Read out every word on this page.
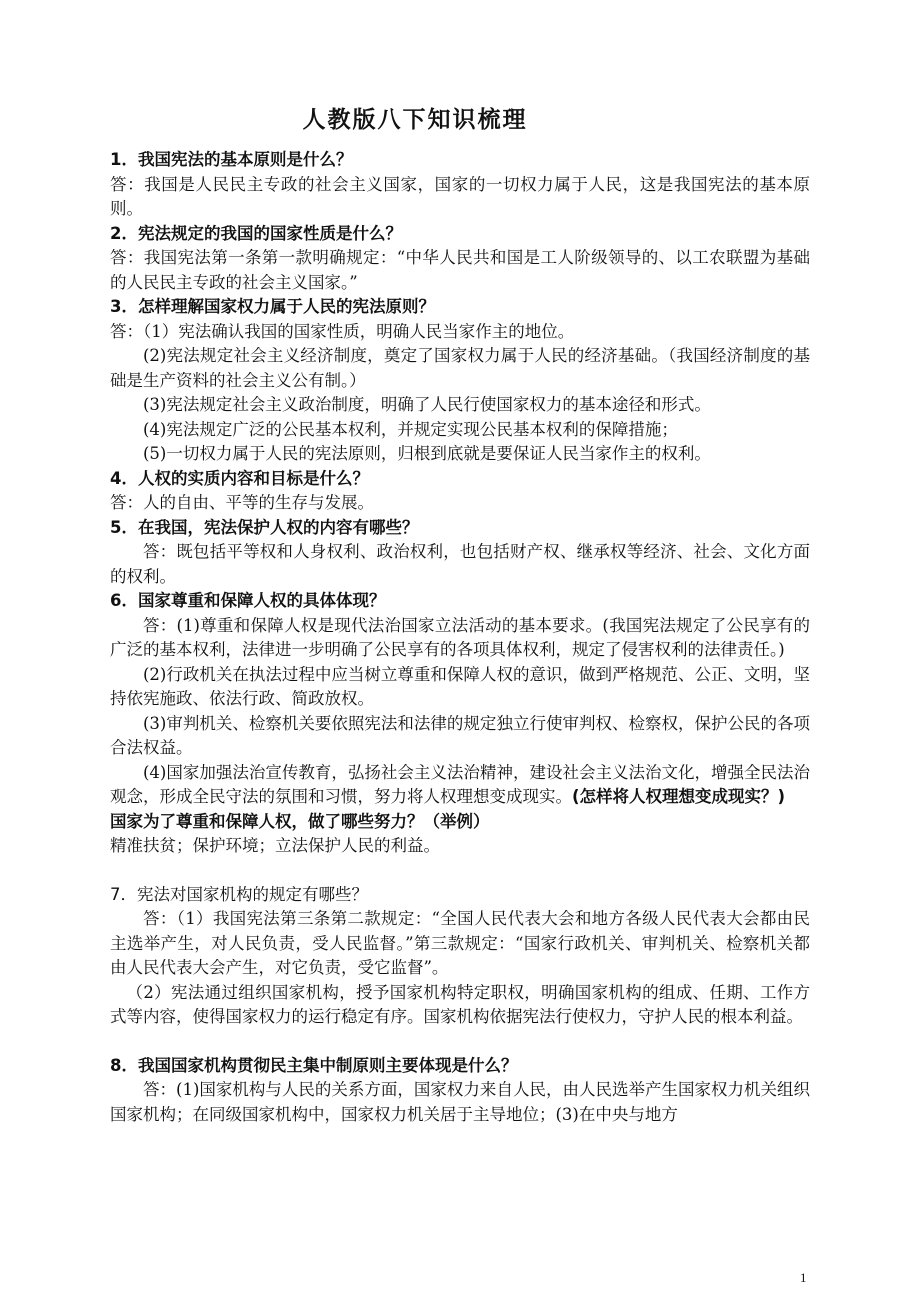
人教版八下知识梳理

1．我国宪法的基本原则是什么？

答：我国是人民民主专政的社会主义国家，国家的一切权力属于人民，这是我国宪法的基本原则。

2．宪法规定的我国的国家性质是什么？

答：我国宪法第一条第一款明确规定：“中华人民共和国是工人阶级领导的、以工农联盟为基础的人民民主专政的社会主义国家。”

3．怎样理解国家权力属于人民的宪法原则？

答：（1）宪法确认我国的国家性质，明确人民当家作主的地位。

(2)宪法规定社会主义经济制度，奠定了国家权力属于人民的经济基础。（我国经济制度的基础是生产资料的社会主义公有制。）

(3)宪法规定社会主义政治制度，明确了人民行使国家权力的基本途径和形式。

(4)宪法规定广泛的公民基本权利，并规定实现公民基本权利的保障措施；

(5)一切权力属于人民的宪法原则，归根到底就是要保证人民当家作主的权利。

4．人权的实质内容和目标是什么？

答：人的自由、平等的生存与发展。

5．在我国，宪法保护人权的内容有哪些？

答：既包括平等权和人身权利、政治权利，也包括财产权、继承权等经济、社会、文化方面的权利。

6．国家尊重和保障人权的具体体现？

答：(1)尊重和保障人权是现代法治国家立法活动的基本要求。(我国宪法规定了公民享有的广泛的基本权利，法律进一步明确了公民享有的各项具体权利，规定了侵害权利的法律责任。)

(2)行政机关在执法过程中应当树立尊重和保障人权的意识，做到严格规范、公正、文明，坚持依宪施政、依法行政、简政放权。

(3)审判机关、检察机关要依照宪法和法律的规定独立行使审判权、检察权，保护公民的各项合法权益。

(4)国家加强法治宣传教育，弘扬社会主义法治精神，建设社会主义法治文化，增强全民法治观念，形成全民守法的氛围和习惯，努力将人权理想变成现实。(怎样将人权理想变成现实？)

国家为了尊重和保障人权，做了哪些努力？（举例）

精准扶贫；保护环境；立法保护人民的利益。

7．宪法对国家机构的规定有哪些？

答：（1）我国宪法第三条第二款规定：“全国人民代表大会和地方各级人民代表大会都由民主选举产生，对人民负责，受人民监督。”第三款规定：“国家行政机关、审判机关、检察机关都由人民代表大会产生，对它负责，受它监督”。

（2）宪法通过组织国家机构，授予国家机构特定职权，明确国家机构的组成、任期、工作方式等内容，使得国家权力的运行稳定有序。国家机构依据宪法行使权力，守护人民的根本利益。

8．我国国家机构贯彻民主集中制原则主要体现是什么？

答：(1)国家机构与人民的关系方面，国家权力来自人民，由人民选举产生国家权力机关组织国家机构；在同级国家机构中，国家权力机关居于主导地位；(3)在中央与地方

1
